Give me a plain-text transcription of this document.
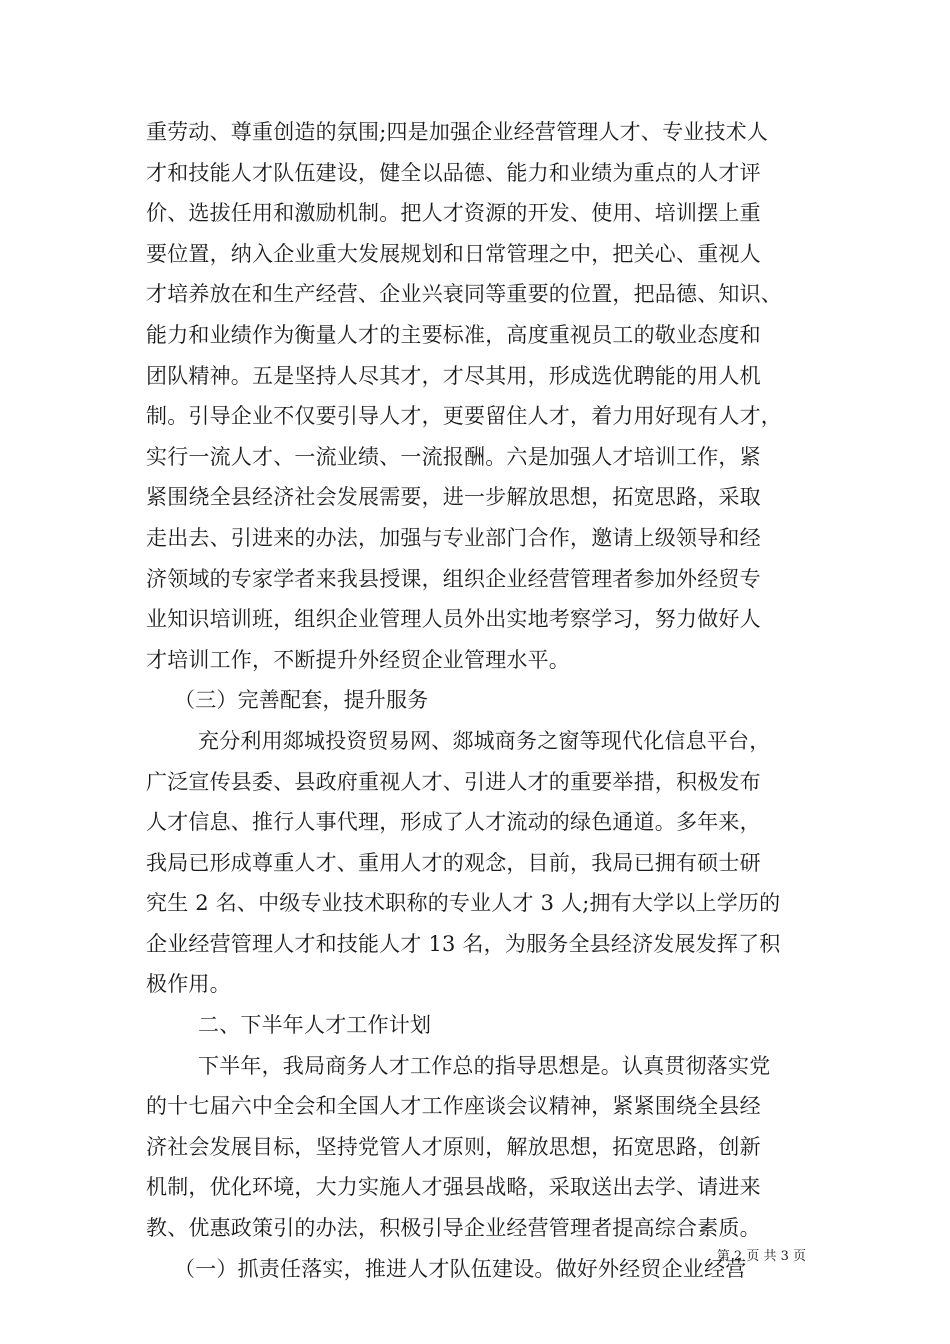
重劳动、尊重创造的氛围;四是加强企业经营管理人才、专业技术人
才和技能人才队伍建设，健全以品德、能力和业绩为重点的人才评
价、选拔任用和激励机制。把人才资源的开发、使用、培训摆上重
要位置，纳入企业重大发展规划和日常管理之中，把关心、重视人
才培养放在和生产经营、企业兴衰同等重要的位置，把品德、知识、
能力和业绩作为衡量人才的主要标准，高度重视员工的敬业态度和
团队精神。五是坚持人尽其才，才尽其用，形成选优聘能的用人机
制。引导企业不仅要引导人才，更要留住人才，着力用好现有人才，
实行一流人才、一流业绩、一流报酬。六是加强人才培训工作，紧
紧围绕全县经济社会发展需要，进一步解放思想，拓宽思路，采取
走出去、引进来的办法，加强与专业部门合作，邀请上级领导和经
济领域的专家学者来我县授课，组织企业经营管理者参加外经贸专
业知识培训班，组织企业管理人员外出实地考察学习，努力做好人
才培训工作，不断提升外经贸企业管理水平。
（三）完善配套，提升服务
充分利用郯城投资贸易网、郯城商务之窗等现代化信息平台，
广泛宣传县委、县政府重视人才、引进人才的重要举措，积极发布
人才信息、推行人事代理，形成了人才流动的绿色通道。多年来，
我局已形成尊重人才、重用人才的观念，目前，我局已拥有硕士研
究生 2 名、中级专业技术职称的专业人才 3 人;拥有大学以上学历的
企业经营管理人才和技能人才 13 名，为服务全县经济发展发挥了积
极作用。
二、下半年人才工作计划
下半年，我局商务人才工作总的指导思想是。认真贯彻落实党
的十七届六中全会和全国人才工作座谈会议精神，紧紧围绕全县经
济社会发展目标，坚持党管人才原则，解放思想，拓宽思路，创新
机制，优化环境，大力实施人才强县战略，采取送出去学、请进来
教、优惠政策引的办法，积极引导企业经营管理者提高综合素质。
（一）抓责任落实，推进人才队伍建设。做好外经贸企业经营
第 2 页 共 3 页
